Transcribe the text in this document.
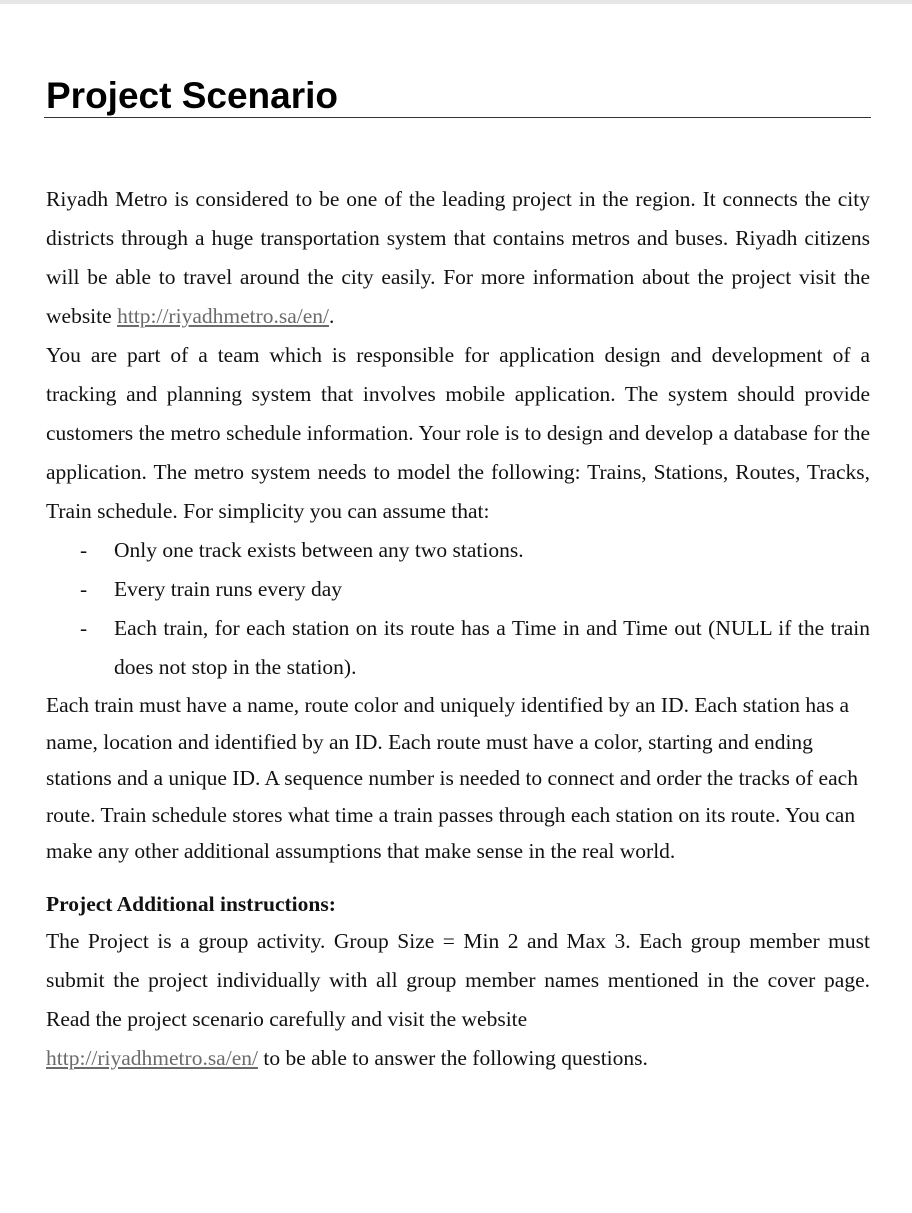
Project Scenario

Riyadh Metro is considered to be one of the leading project in the region. It connects the city districts through a huge transportation system that contains metros and buses. Riyadh citizens will be able to travel around the city easily. For more information about the project visit the website http://riyadhmetro.sa/en/.

You are part of a team which is responsible for application design and development of a tracking and planning system that involves mobile application. The system should provide customers the metro schedule information. Your role is to design and develop a database for the application. The metro system needs to model the following: Trains, Stations, Routes, Tracks, Train schedule. For simplicity you can assume that:

- Only one track exists between any two stations.
- Every train runs every day
- Each train, for each station on its route has a Time in and Time out (NULL if the train does not stop in the station).

Each train must have a name, route color and uniquely identified by an ID. Each station has a name, location and identified by an ID. Each route must have a color, starting and ending stations and a unique ID. A sequence number is needed to connect and order the tracks of each route. Train schedule stores what time a train passes through each station on its route. You can make any other additional assumptions that make sense in the real world.

Project Additional instructions:

The Project is a group activity. Group Size = Min 2 and Max 3. Each group member must submit the project individually with all group member names mentioned in the cover page. Read the project scenario carefully and visit the website
http://riyadhmetro.sa/en/ to be able to answer the following questions.
